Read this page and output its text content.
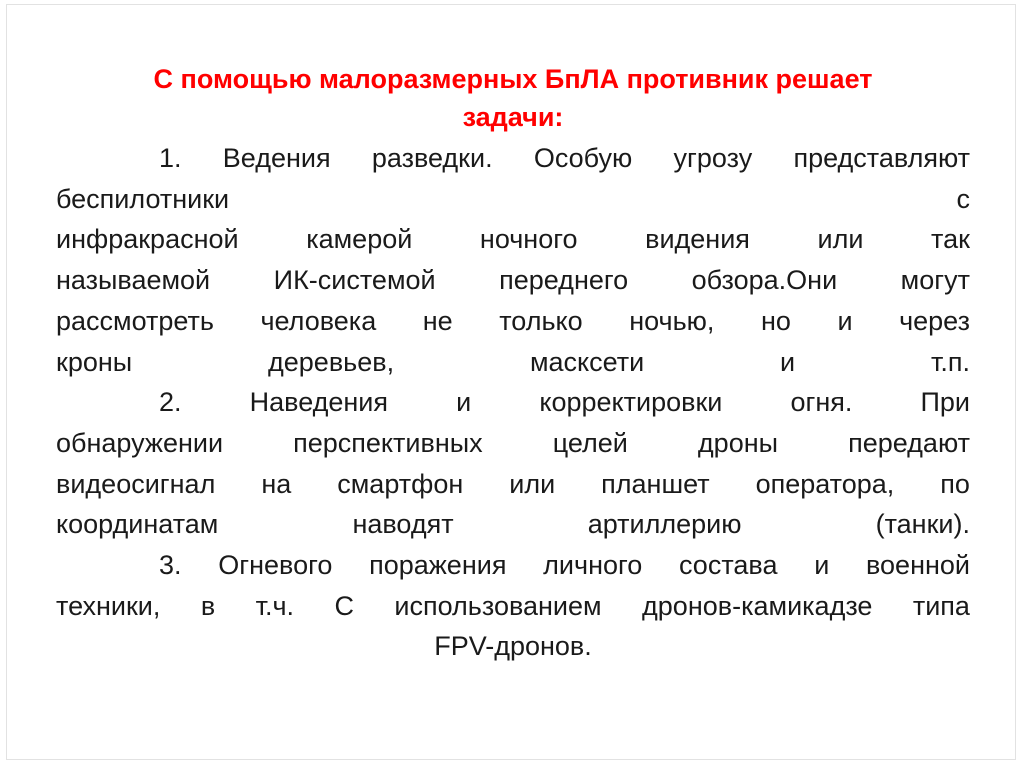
С помощью малоразмерных БпЛА противник решает
задачи:
1. Ведения разведки. Особую угрозу представляют
беспилотники	с
инфракрасной	камерой	ночного	видения	или	так
называемой ИК-системой переднего обзора.Они могут
рассмотреть человека не только ночью, но и через
кроны	деревьев,	масксети	и	т.п.
2.	Наведения	и	корректировки	огня.	При
обнаружении	перспективных	целей	дроны	передают
видеосигнал на смартфон или планшет оператора, по
координатам	наводят	артиллерию	(танки).
3. Огневого поражения личного состава и военной
техники, в т.ч. С использованием дронов-камикадзе типа
FPV-дронов.
